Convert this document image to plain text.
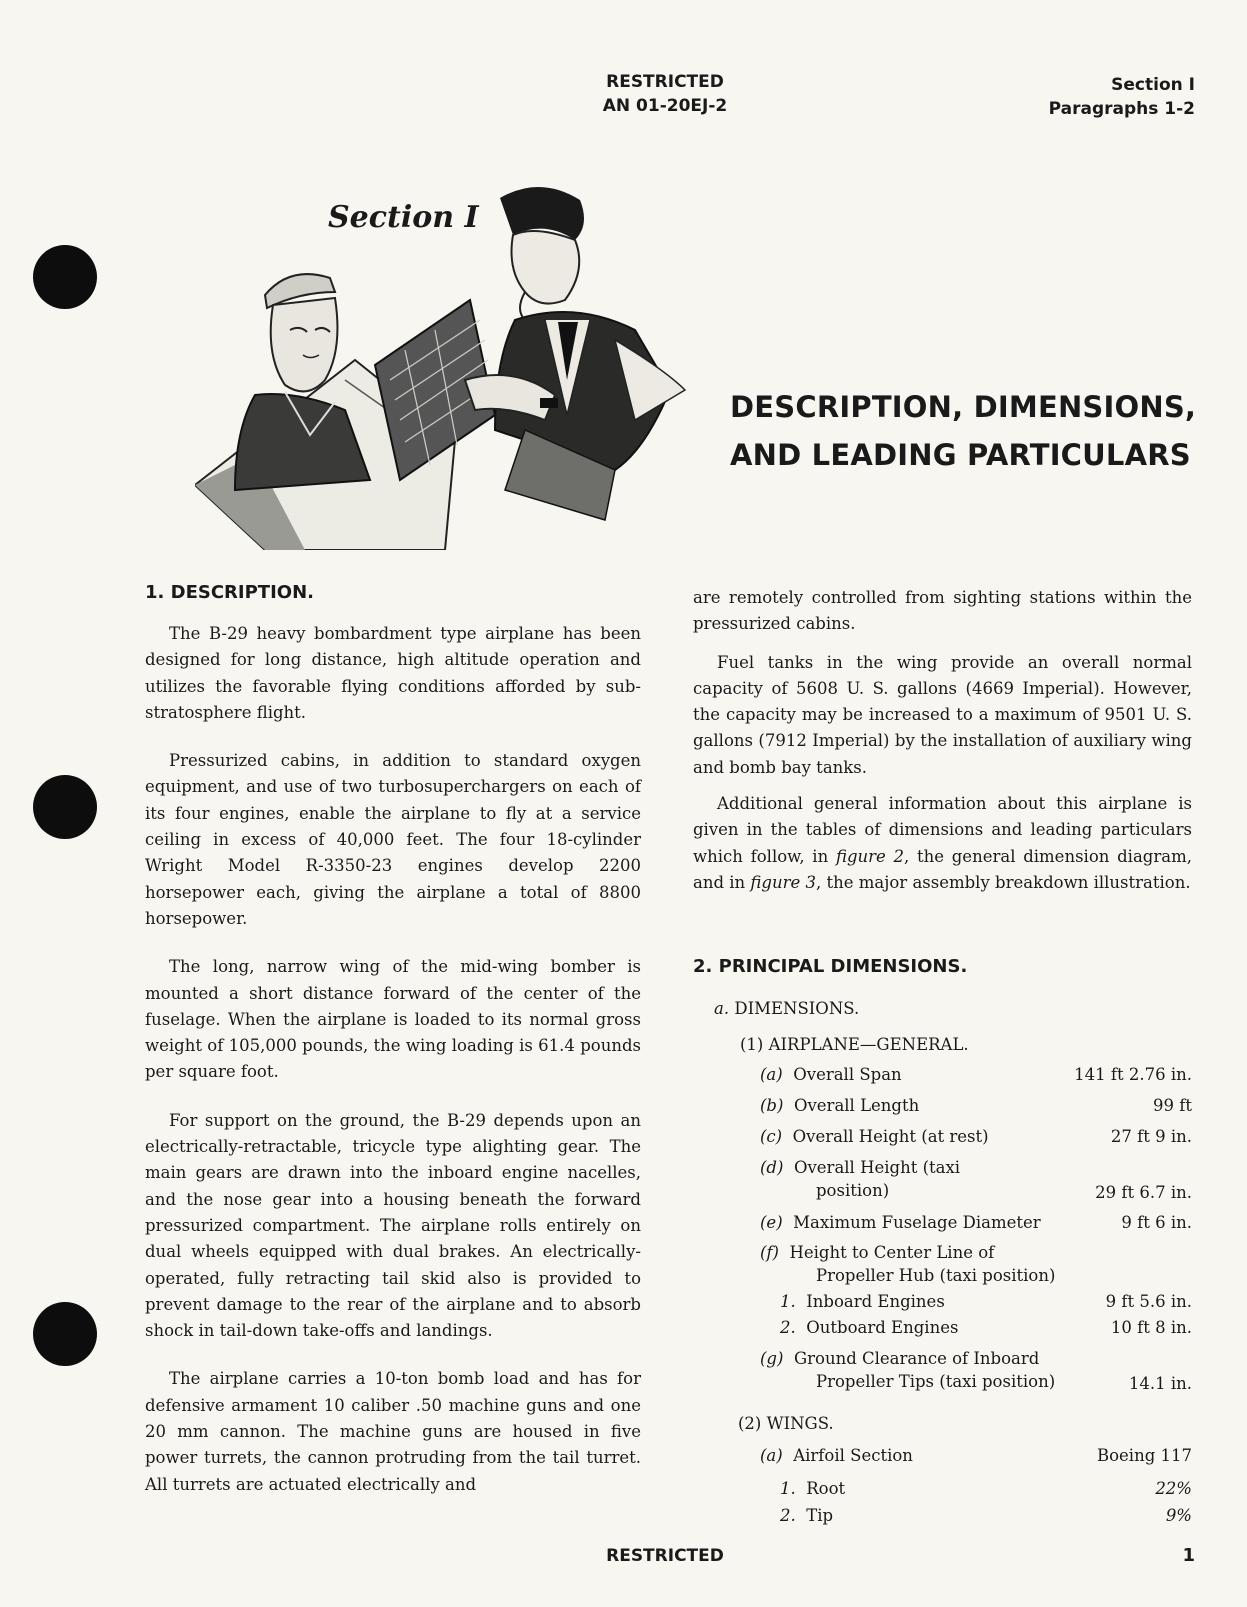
RESTRICTED
AN 01-20EJ-2
Section I
Paragraphs 1-2
Section I
DESCRIPTION, DIMENSIONS,
AND LEADING PARTICULARS
1. DESCRIPTION.

The B-29 heavy bombardment type airplane has been designed for long distance, high altitude operation and utilizes the favorable flying conditions afforded by sub-stratosphere flight.

Pressurized cabins, in addition to standard oxygen equipment, and use of two turbosuperchargers on each of its four engines, enable the airplane to fly at a service ceiling in excess of 40,000 feet. The four 18-cylinder Wright Model R-3350-23 engines develop 2200 horsepower each, giving the airplane a total of 8800 horsepower.

The long, narrow wing of the mid-wing bomber is mounted a short distance forward of the center of the fuselage. When the airplane is loaded to its normal gross weight of 105,000 pounds, the wing loading is 61.4 pounds per square foot.

For support on the ground, the B-29 depends upon an electrically-retractable, tricycle type alighting gear. The main gears are drawn into the inboard engine nacelles, and the nose gear into a housing beneath the forward pressurized compartment. The airplane rolls entirely on dual wheels equipped with dual brakes. An electrically-operated, fully retracting tail skid also is provided to prevent damage to the rear of the airplane and to absorb shock in tail-down take-offs and landings.

The airplane carries a 10-ton bomb load and has for defensive armament 10 caliber .50 machine guns and one 20 mm cannon. The machine guns are housed in five power turrets, the cannon protruding from the tail turret. All turrets are actuated electrically and

are remotely controlled from sighting stations within the pressurized cabins.

Fuel tanks in the wing provide an overall normal capacity of 5608 U. S. gallons (4669 Imperial). However, the capacity may be increased to a maximum of 9501 U. S. gallons (7912 Imperial) by the installation of auxiliary wing and bomb bay tanks.

Additional general information about this airplane is given in the tables of dimensions and leading particulars which follow, in figure 2, the general dimension diagram, and in figure 3, the major assembly breakdown illustration.

2. PRINCIPAL DIMENSIONS.
a. DIMENSIONS.
(1) AIRPLANE—GENERAL.
(a) Overall Span	141 ft 2.76 in.
(b) Overall Length	99 ft
(c) Overall Height (at rest)	27 ft 9 in.
(d) Overall Height (taxi
position)	29 ft 6.7 in.
(e) Maximum Fuselage Diameter	9 ft 6 in.
(f) Height to Center Line of
Propeller Hub (taxi position)
1. Inboard Engines	9 ft 5.6 in.
2. Outboard Engines	10 ft 8 in.
(g) Ground Clearance of Inboard
Propeller Tips (taxi position)	14.1 in.
(2) WINGS.
(a) Airfoil Section	Boeing 117
1. Root	22%
2. Tip	9%
RESTRICTED	1
